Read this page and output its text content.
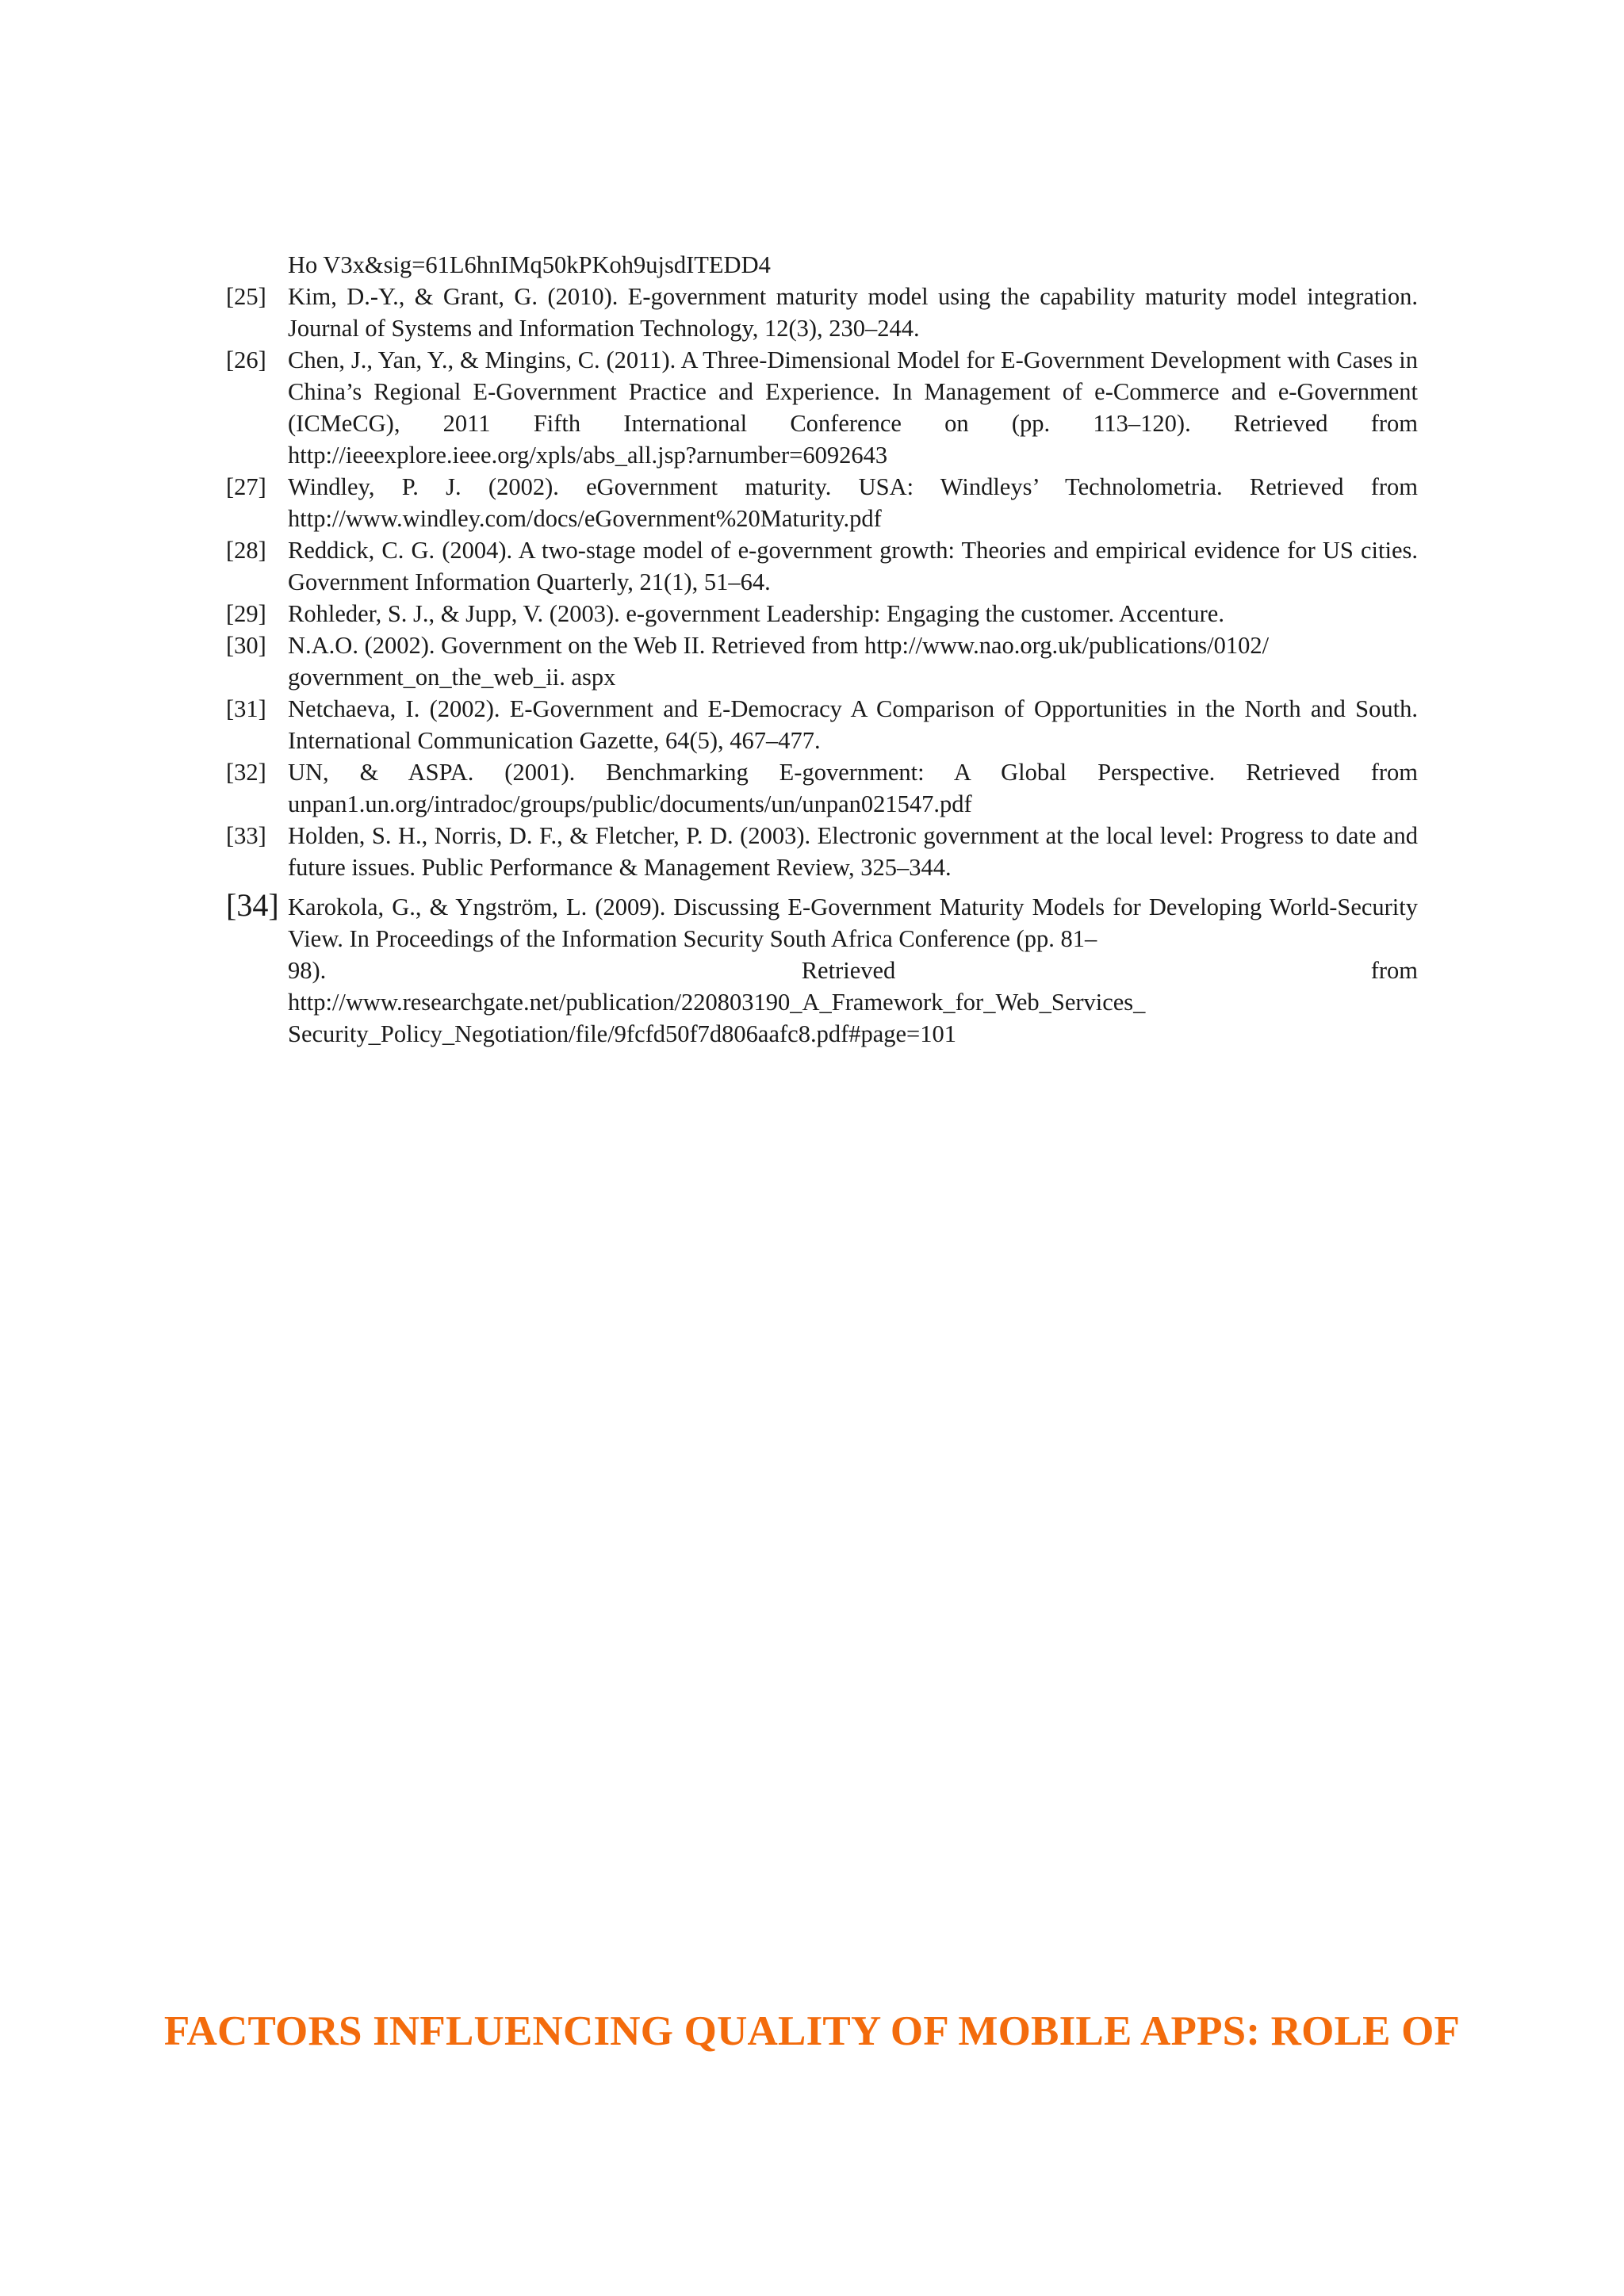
Ho V3x&sig=61L6hnIMq50kPKoh9ujsdITEDD4
[25] Kim, D.-Y., & Grant, G. (2010). E-government maturity model using the capability maturity model integration. Journal of Systems and Information Technology, 12(3), 230–244.
[26] Chen, J., Yan, Y., & Mingins, C. (2011). A Three-Dimensional Model for E-Government Development with Cases in China’s Regional E-Government Practice and Experience. In Management of e-Commerce and e-Government (ICMeCG), 2011 Fifth International Conference on (pp. 113–120). Retrieved from http://ieeexplore.ieee.org/xpls/abs_all.jsp?arnumber=6092643
[27] Windley, P. J. (2002). eGovernment maturity. USA: Windleys’ Technolometria. Retrieved from http://www.windley.com/docs/eGovernment%20Maturity.pdf
[28] Reddick, C. G. (2004). A two-stage model of e-government growth: Theories and empirical evidence for US cities. Government Information Quarterly, 21(1), 51–64.
[29] Rohleder, S. J., & Jupp, V. (2003). e-government Leadership: Engaging the customer. Accenture.
[30] N.A.O. (2002). Government on the Web II. Retrieved from http://www.nao.org.uk/publications/0102/
government_on_the_web_ii. aspx
[31] Netchaeva, I. (2002). E-Government and E-Democracy A Comparison of Opportunities in the North and South. International Communication Gazette, 64(5), 467–477.
[32] UN, & ASPA. (2001). Benchmarking E-government: A Global Perspective. Retrieved from unpan1.un.org/intradoc/groups/public/documents/un/unpan021547.pdf
[33] Holden, S. H., Norris, D. F., & Fletcher, P. D. (2003). Electronic government at the local level: Progress to date and future issues. Public Performance & Management Review, 325–344.
[34] Karokola, G., & Yngström, L. (2009). Discussing E-Government Maturity Models for Developing World-Security View. In Proceedings of the Information Security South Africa Conference (pp. 81–
98).	Retrieved	from
http://www.researchgate.net/publication/220803190_A_Framework_for_Web_Services_
Security_Policy_Negotiation/file/9fcfd50f7d806aafc8.pdf#page=101
FACTORS INFLUENCING QUALITY OF MOBILE APPS: ROLE OF
